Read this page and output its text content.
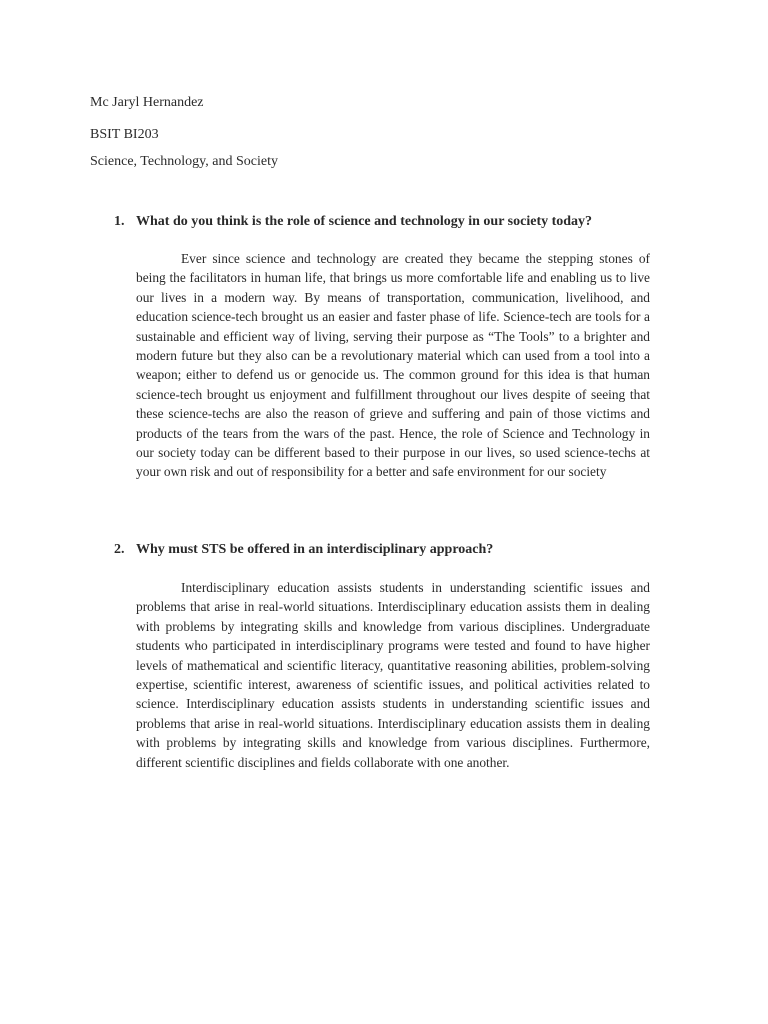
Mc Jaryl Hernandez

BSIT BI203

Science, Technology, and Society

1. What do you think is the role of science and technology in our society today?

Ever since science and technology are created they became the stepping stones of being the facilitators in human life, that brings us more comfortable life and enabling us to live our lives in a modern way. By means of transportation, communication, livelihood, and education science-tech brought us an easier and faster phase of life. Science-tech are tools for a sustainable and efficient way of living, serving their purpose as “The Tools” to a brighter and modern future but they also can be a revolutionary material which can used from a tool into a weapon; either to defend us or genocide us. The common ground for this idea is that human science-tech brought us enjoyment and fulfillment throughout our lives despite of seeing that these science-techs are also the reason of grieve and suffering and pain of those victims and products of the tears from the wars of the past. Hence, the role of Science and Technology in our society today can be different based to their purpose in our lives, so used science-techs at your own risk and out of responsibility for a better and safe environment for our society

2. Why must STS be offered in an interdisciplinary approach?

Interdisciplinary education assists students in understanding scientific issues and problems that arise in real-world situations. Interdisciplinary education assists them in dealing with problems by integrating skills and knowledge from various disciplines. Undergraduate students who participated in interdisciplinary programs were tested and found to have higher levels of mathematical and scientific literacy, quantitative reasoning abilities, problem-solving expertise, scientific interest, awareness of scientific issues, and political activities related to science. Interdisciplinary education assists students in understanding scientific issues and problems that arise in real-world situations. Interdisciplinary education assists them in dealing with problems by integrating skills and knowledge from various disciplines. Furthermore, different scientific disciplines and fields collaborate with one another.
